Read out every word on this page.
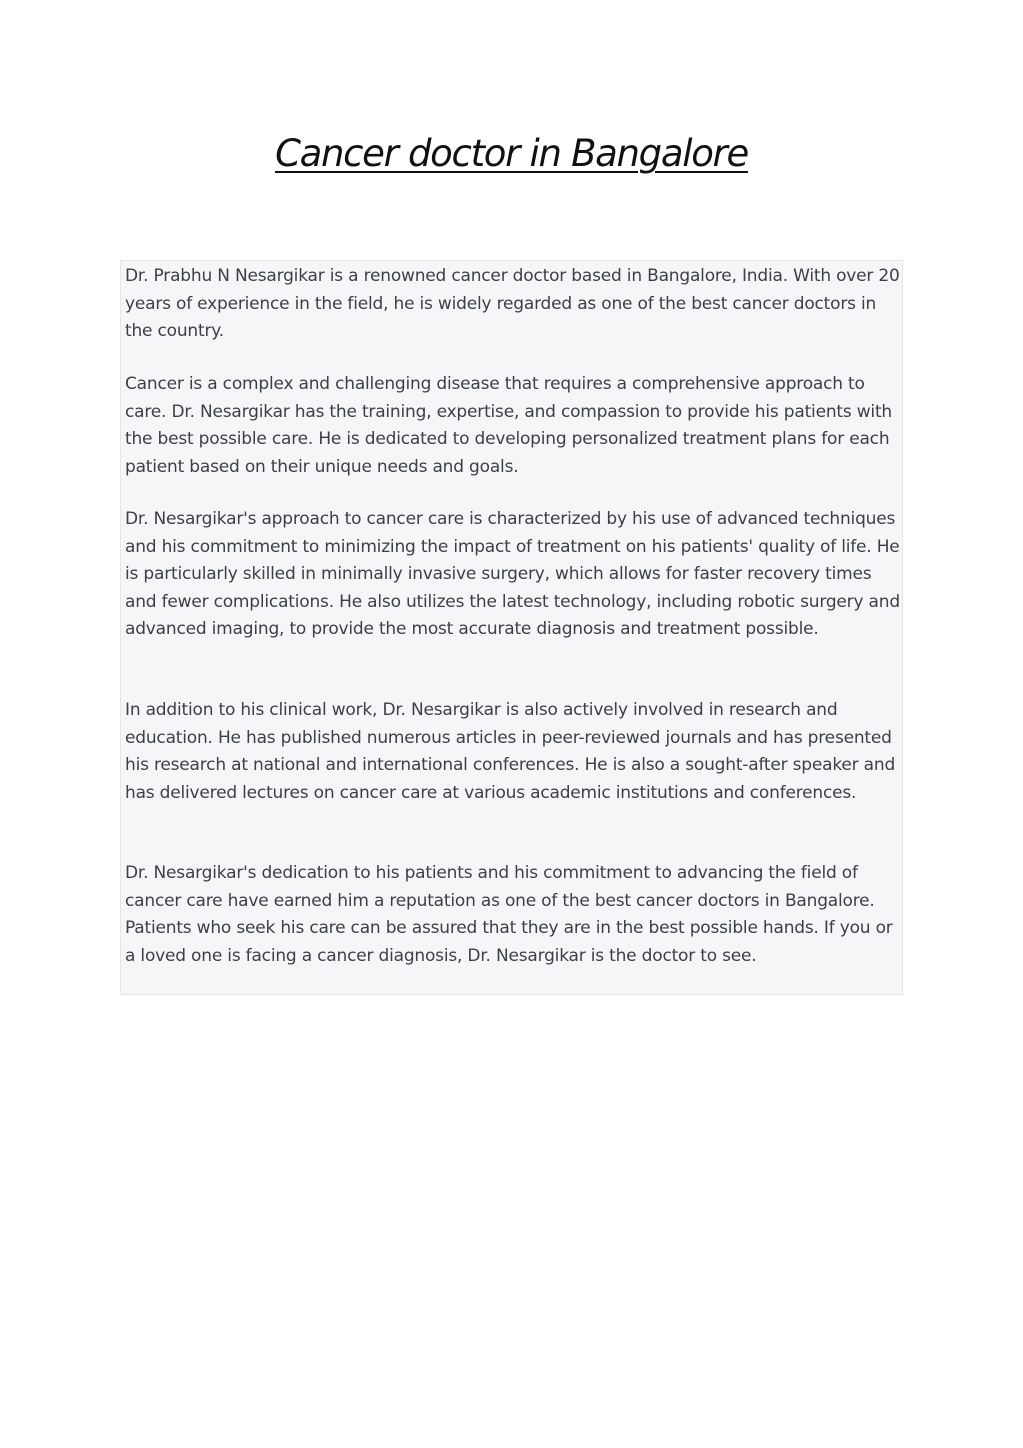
Cancer doctor in Bangalore

Dr. Prabhu N Nesargikar is a renowned cancer doctor based in Bangalore, India. With over 20 years of experience in the field, he is widely regarded as one of the best cancer doctors in the country.

Cancer is a complex and challenging disease that requires a comprehensive approach to care. Dr. Nesargikar has the training, expertise, and compassion to provide his patients with the best possible care. He is dedicated to developing personalized treatment plans for each patient based on their unique needs and goals.

Dr. Nesargikar's approach to cancer care is characterized by his use of advanced techniques and his commitment to minimizing the impact of treatment on his patients' quality of life. He is particularly skilled in minimally invasive surgery, which allows for faster recovery times and fewer complications. He also utilizes the latest technology, including robotic surgery and advanced imaging, to provide the most accurate diagnosis and treatment possible.

In addition to his clinical work, Dr. Nesargikar is also actively involved in research and education. He has published numerous articles in peer-reviewed journals and has presented his research at national and international conferences. He is also a sought-after speaker and has delivered lectures on cancer care at various academic institutions and conferences.

Dr. Nesargikar's dedication to his patients and his commitment to advancing the field of cancer care have earned him a reputation as one of the best cancer doctors in Bangalore. Patients who seek his care can be assured that they are in the best possible hands. If you or a loved one is facing a cancer diagnosis, Dr. Nesargikar is the doctor to see.
